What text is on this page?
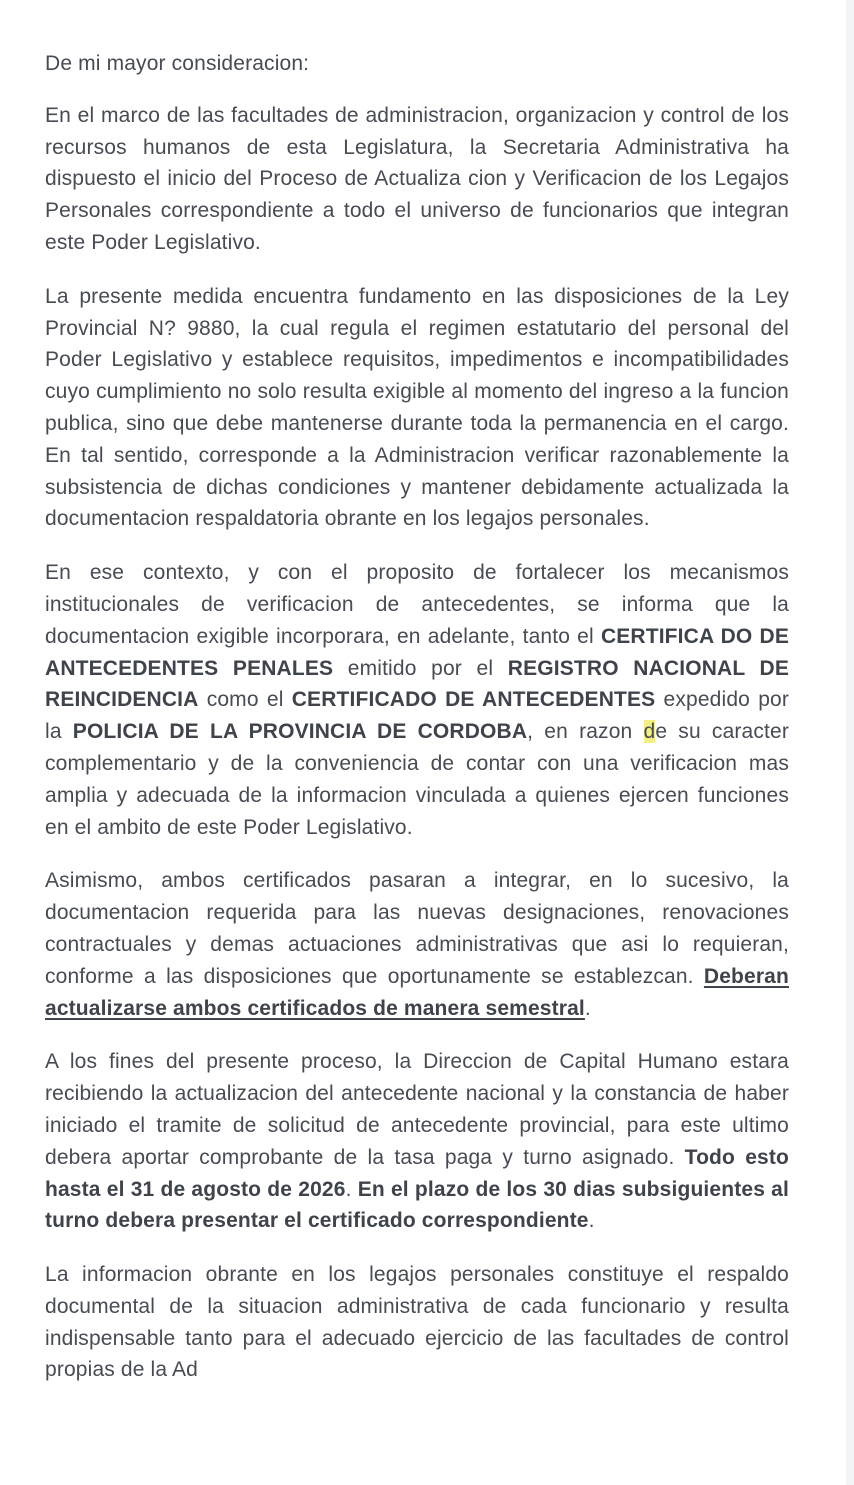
De mi mayor consideracion:

En el marco de las facultades de administracion, organizacion y control de los recursos humanos de esta Legislatura, la Secretaria Administrativa ha dispuesto el inicio del Proceso de Actualiza cion y Verificacion de los Legajos Personales correspondiente a todo el universo de funcionarios que integran este Poder Legislativo.

La presente medida encuentra fundamento en las disposiciones de la Ley Provincial N? 9880, la cual regula el regimen estatutario del personal del Poder Legislativo y establece requisitos, impedimentos e incompatibilidades cuyo cumplimiento no solo resulta exigible al momento del ingreso a la funcion publica, sino que debe mantenerse durante toda la permanencia en el cargo. En tal sentido, corresponde a la Administracion verificar razonablemente la subsistencia de dichas condiciones y mantener debidamente actualizada la documentacion respaldatoria obrante en los legajos personales.

En ese contexto, y con el proposito de fortalecer los mecanismos institucionales de verificacion de antecedentes, se informa que la documentacion exigible incorporara, en adelante, tanto el CERTIFICA DO DE ANTECEDENTES PENALES emitido por el REGISTRO NACIONAL DE REINCIDENCIA como el CERTIFICADO DE ANTECEDENTES expedido por la POLICIA DE LA PROVINCIA DE CORDOBA, en razon de su caracter complementario y de la conveniencia de contar con una verificacion mas amplia y adecuada de la informacion vinculada a quienes ejercen funciones en el ambito de este Poder Legislativo.

Asimismo, ambos certificados pasaran a integrar, en lo sucesivo, la documentacion requerida para las nuevas designaciones, renovaciones contractuales y demas actuaciones administrativas que asi lo requieran, conforme a las disposiciones que oportunamente se establezcan. Deberan actualizarse ambos certificados de manera semestral.

A los fines del presente proceso, la Direccion de Capital Humano estara recibiendo la actualizacion del antecedente nacional y la constancia de haber iniciado el tramite de solicitud de antecedente provincial, para este ultimo debera aportar comprobante de la tasa paga y turno asignado. Todo esto hasta el 31 de agosto de 2026. En el plazo de los 30 dias subsiguientes al turno debera presentar el certificado correspondiente.

La informacion obrante en los legajos personales constituye el respaldo documental de la situacion administrativa de cada funcionario y resulta indispensable tanto para el adecuado ejercicio de las facultades de control propias de la Ad
